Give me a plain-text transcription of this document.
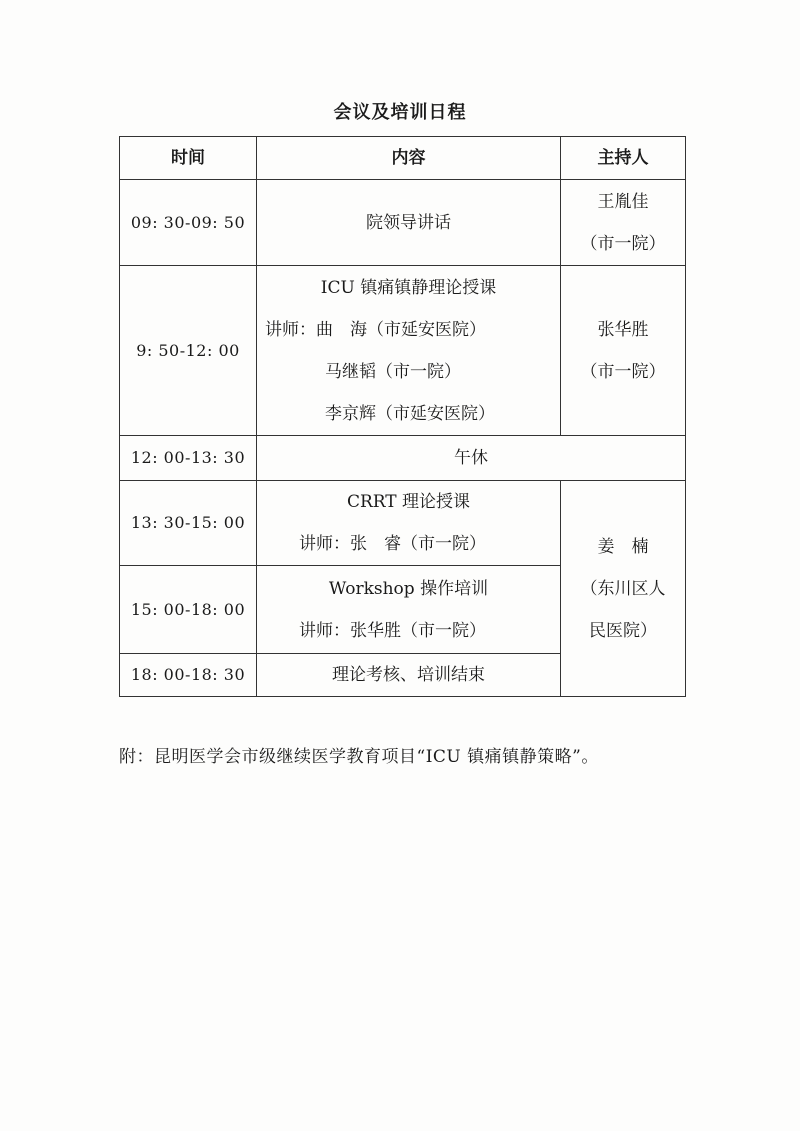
会议及培训日程
时间	内容	主持人
09: 30-09: 50	院领导讲话	王胤佳
（市一院）

9: 50-12: 00	ICU 镇痛镇静理论授课
讲师：曲　海（市延安医院）
马继韬（市一院）
李京辉（市延安医院）	张华胜
（市一院）

12: 00-13: 30	午休	

13: 30-15: 00	CRRT 理论授课
讲师：张　睿（市一院）	姜　楠
（东川区人
民医院）

15: 00-18: 00	Workshop 操作培训
讲师：张华胜（市一院）	

18: 00-18: 30	理论考核、培训结束	
附：昆明医学会市级继续医学教育项目“ICU 镇痛镇静策略”。
